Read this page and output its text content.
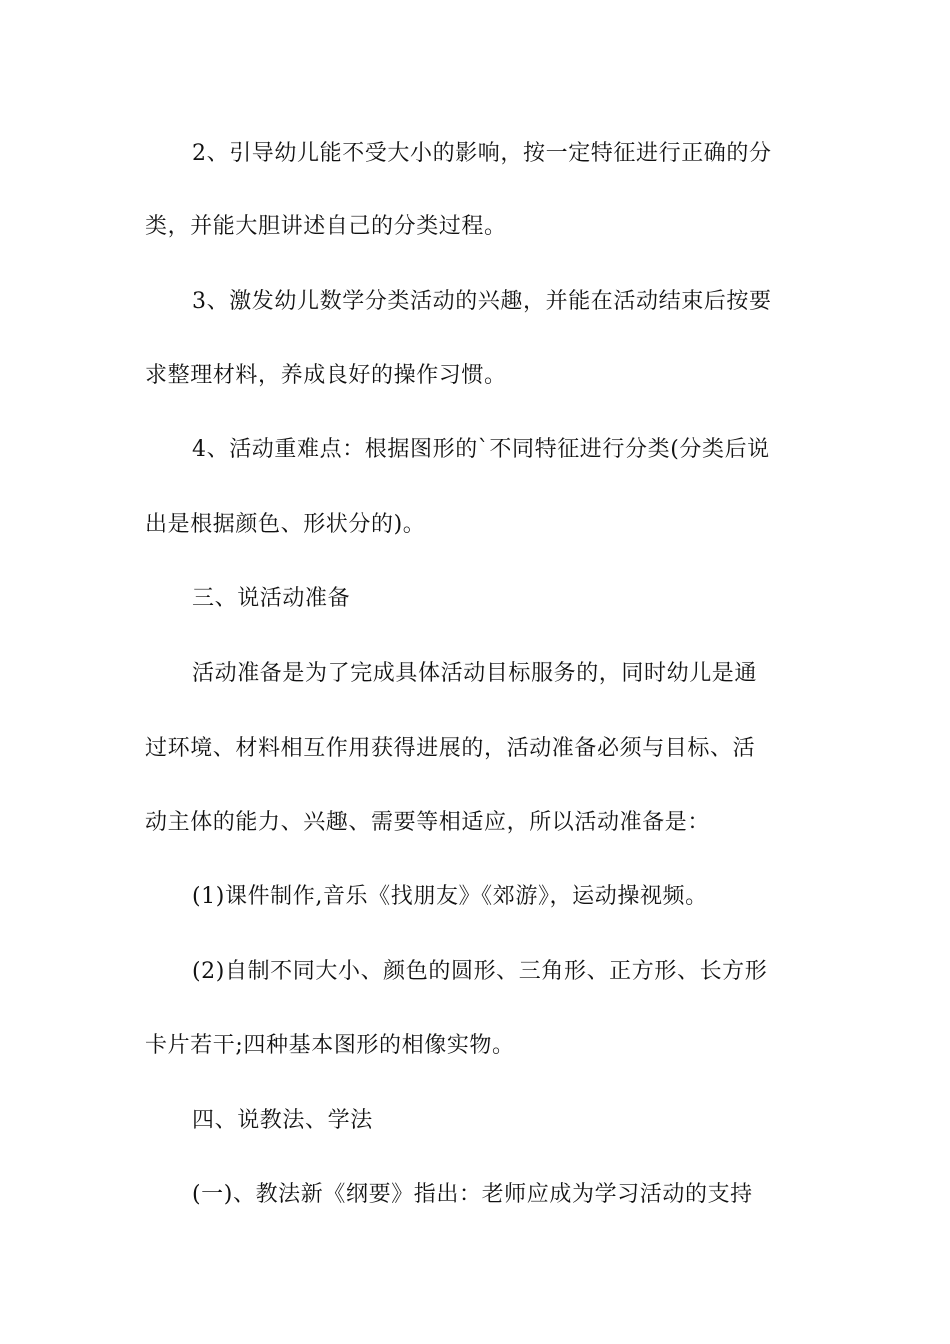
2、引导幼儿能不受大小的影响，按一定特征进行正确的分
类，并能大胆讲述自己的分类过程。
3、激发幼儿数学分类活动的兴趣，并能在活动结束后按要
求整理材料，养成良好的操作习惯。
4、活动重难点：根据图形的`不同特征进行分类(分类后说
出是根据颜色、形状分的)。
三、说活动准备
活动准备是为了完成具体活动目标服务的，同时幼儿是通
过环境、材料相互作用获得进展的，活动准备必须与目标、活
动主体的能力、兴趣、需要等相适应，所以活动准备是：
(1)课件制作,音乐《找朋友》《郊游》，运动操视频。
(2)自制不同大小、颜色的圆形、三角形、正方形、长方形
卡片若干;四种基本图形的相像实物。
四、说教法、学法
(一)、教法新《纲要》指出：老师应成为学习活动的支持
